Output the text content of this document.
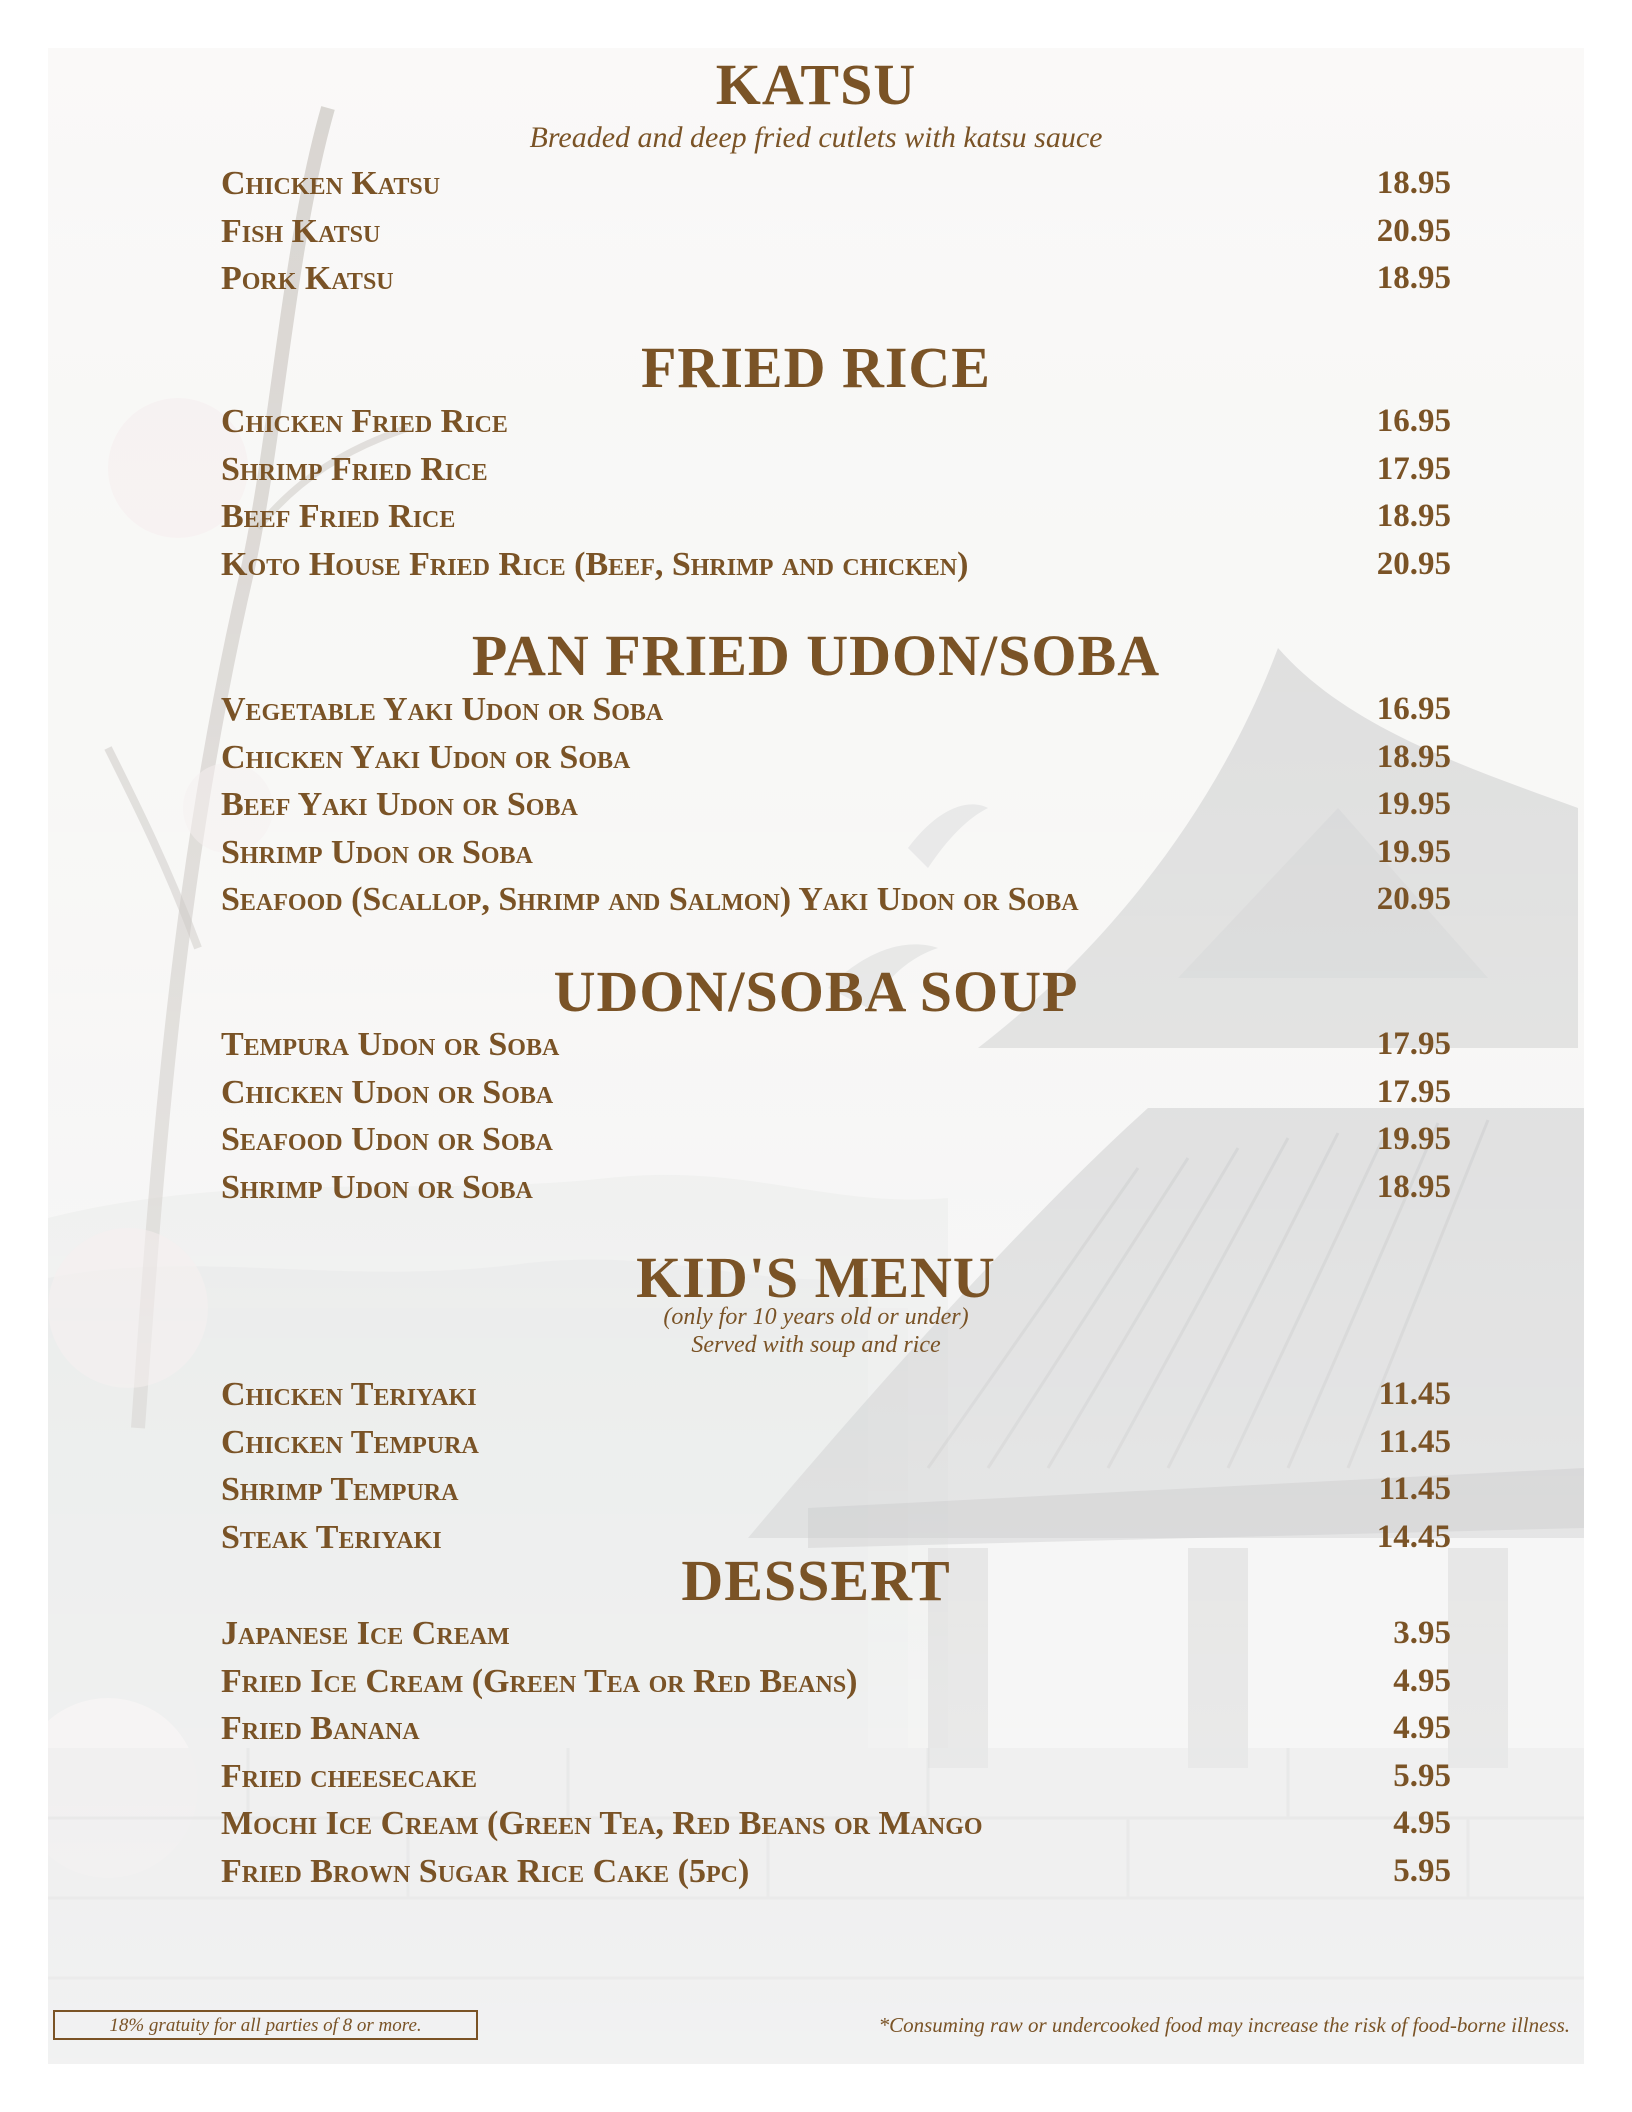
KATSU

Breaded and deep fried cutlets with katsu sauce

Chicken Katsu	18.95
Fish Katsu	20.95
Pork Katsu	18.95
FRIED RICE
Chicken Fried Rice	16.95
Shrimp Fried Rice	17.95
Beef Fried Rice	18.95
Koto House Fried Rice (Beef, Shrimp and chicken)	20.95
PAN FRIED UDON/SOBA
Vegetable Yaki Udon or Soba	16.95
Chicken Yaki Udon or Soba	18.95
Beef Yaki Udon or Soba	19.95
Shrimp Udon or Soba	19.95
Seafood (Scallop, Shrimp and Salmon) Yaki Udon or Soba	20.95
UDON/SOBA SOUP
Tempura Udon or Soba	17.95
Chicken Udon or Soba	17.95
Seafood Udon or Soba	19.95
Shrimp Udon or Soba	18.95
KID'S MENU

(only for 10 years old or under)

Served with soup and rice

Chicken Teriyaki	11.45
Chicken Tempura	11.45
Shrimp Tempura	11.45
Steak Teriyaki	14.45
DESSERT
Japanese Ice Cream	3.95
Fried Ice Cream (Green Tea or Red Beans)	4.95
Fried Banana	4.95
Fried cheesecake	5.95
Mochi Ice Cream (Green Tea, Red Beans or Mango	4.95
Fried Brown Sugar Rice Cake (5pc)	5.95
18% gratuity for all parties of 8 or more.	*Consuming raw or undercooked food may increase the risk of food-borne illness.
